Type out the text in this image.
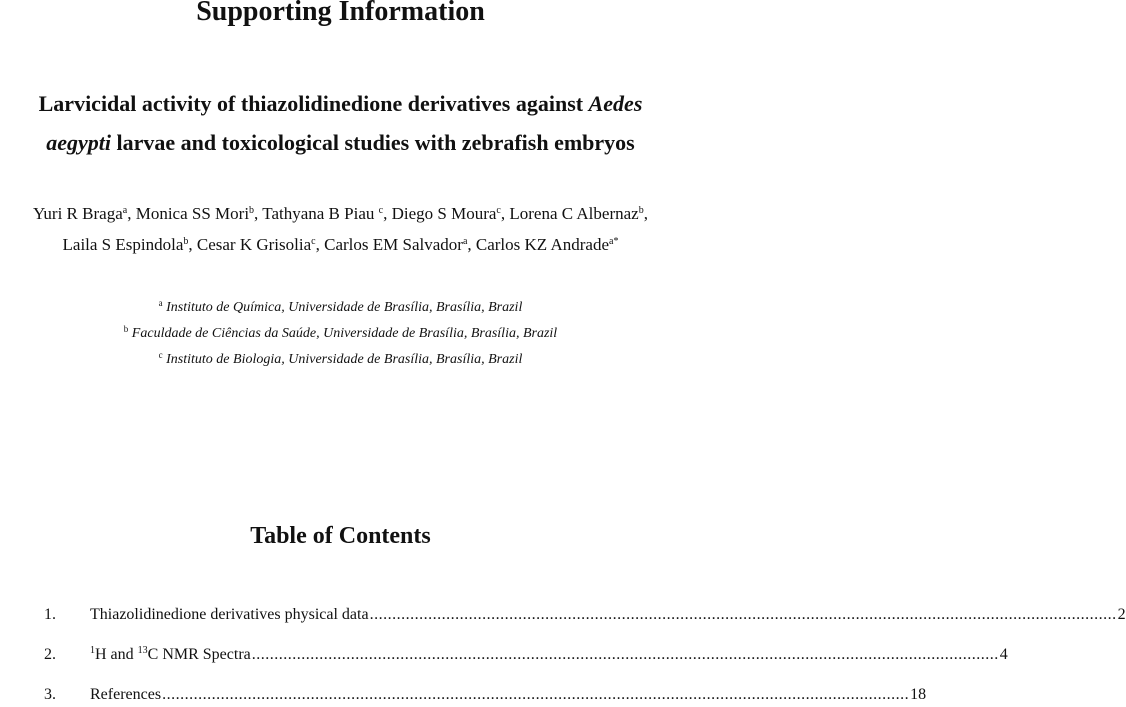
Supporting Information
Larvicidal activity of thiazolidinedione derivatives against Aedes
aegypti larvae and toxicological studies with zebrafish embryos
Yuri R Braga$^a$, Monica SS Mori$^b$, Tathyana B Piau $^c$, Diego S Moura$^c$, Lorena C Albernaz$^b$,
Laila S Espindola$^b$, Cesar K Grisolia$^c$, Carlos EM Salvador$^a$, Carlos KZ Andrade$^{a*}$
$^a$ Instituto de Química, Universidade de Brasília, Brasília, Brazil
$^b$ Faculdade de Ciências da Saúde, Universidade de Brasília, Brasília, Brazil
$^c$ Instituto de Biologia, Universidade de Brasília, Brasília, Brazil
Table of Contents
1.	Thiazolidinedione derivatives physical data .....	2
2.	$^1$H and $^{13}$C NMR Spectra .....	4
3.	References .....	18
